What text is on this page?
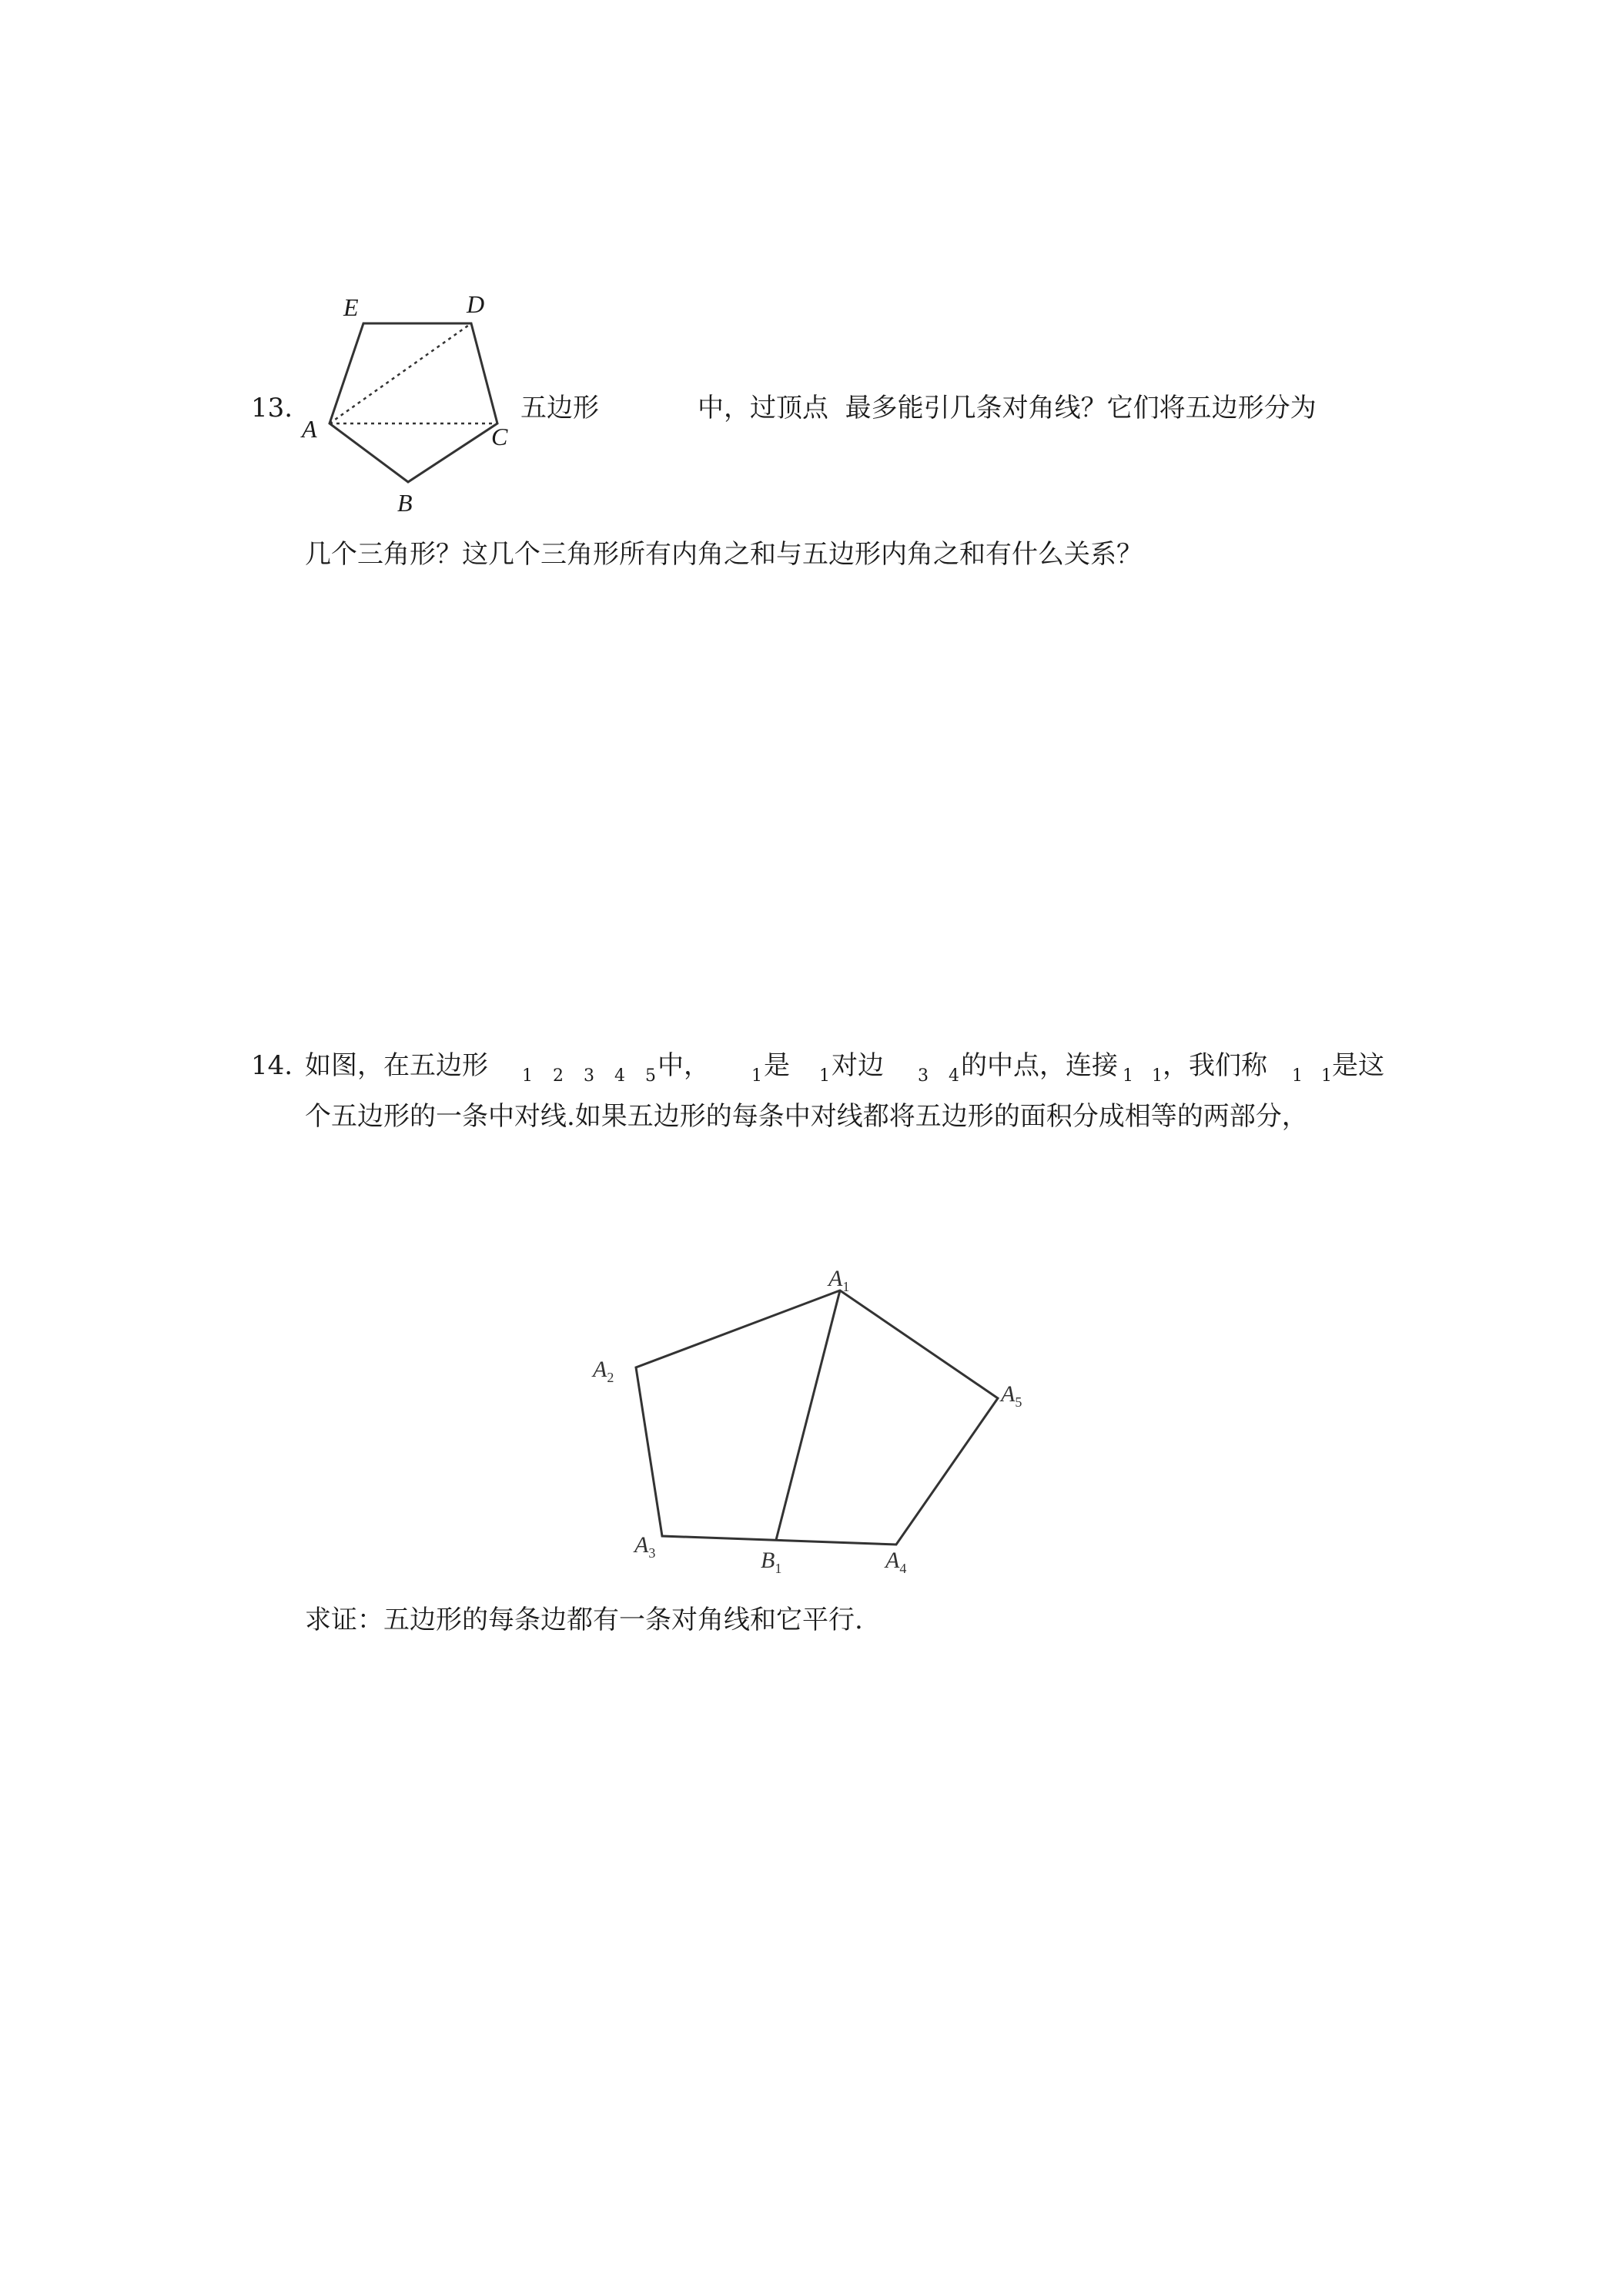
13.
E	D
A	C
B
五边形	中，过顶点  最多能引几条对角线？它们将五边形分为
几个三角形？这几个三角形所有内角之和与五边形内角之和有什么关系？
14. 如图，在五边形 1 2 3 4 5 中， 1 是 1 对边 3 4 的中点，连接 1 1 ，我们称 1 1 是这
个五边形的一条中对线.如果五边形的每条中对线都将五边形的面积分成相等的两部分，
$A_1$
$A_2$
$A_3$	$B_1$	$A_4$
$A_5$
求证：五边形的每条边都有一条对角线和它平行.
